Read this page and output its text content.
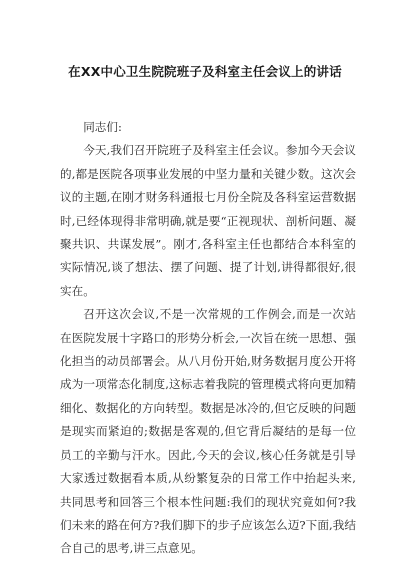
在XX中心卫生院院班子及科室主任会议上的讲话

同志们:

今天,我们召开院班子及科室主任会议。参加今天会议的,都是医院各项事业发展的中坚力量和关键少数。这次会议的主题,在刚才财务科通报七月份全院及各科室运营数据时,已经体现得非常明确,就是要“正视现状、剖析问题、凝聚共识、共谋发展”。刚才,各科室主任也都结合本科室的实际情况,谈了想法、摆了问题、提了计划,讲得都很好,很实在。

召开这次会议,不是一次常规的工作例会,而是一次站在医院发展十字路口的形势分析会,一次旨在统一思想、强化担当的动员部署会。从八月份开始,财务数据月度公开将成为一项常态化制度,这标志着我院的管理模式将向更加精细化、数据化的方向转型。数据是冰冷的,但它反映的问题是现实而紧迫的;数据是客观的,但它背后凝结的是每一位员工的辛勤与汗水。因此,今天的会议,核心任务就是引导大家透过数据看本质,从纷繁复杂的日常工作中抬起头来,共同思考和回答三个根本性问题:我们的现状究竟如何?我们未来的路在何方?我们脚下的步子应该怎么迈?下面,我结合自己的思考,讲三点意见。
